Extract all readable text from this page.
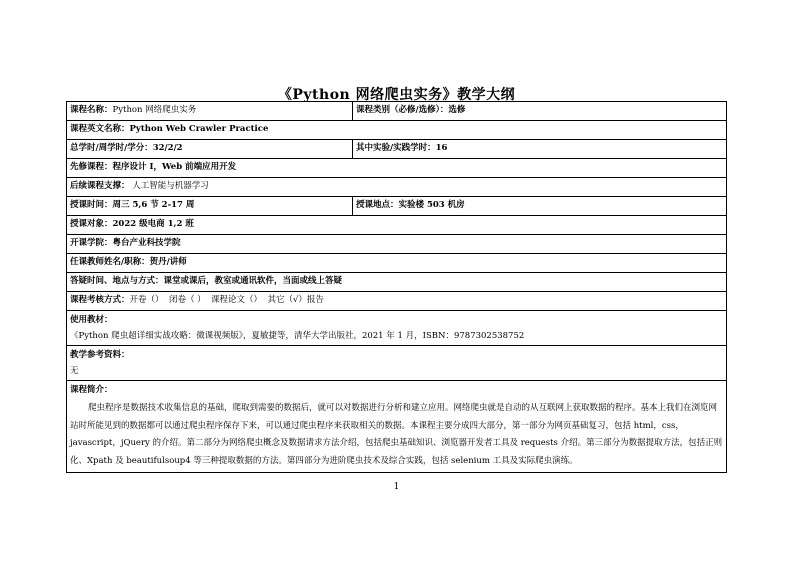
《Python 网络爬虫实务》教学大纲
课程名称：Python 网络爬虫实务	课程类别（必修/选修）：选修
课程英文名称：Python Web Crawler Practice	
总学时/周学时/学分：32/2/2	其中实验/实践学时：16
先修课程：程序设计 I，Web 前端应用开发	
后续课程支撑： 人工智能与机器学习	
授课时间：周三 5,6 节 2-17 周	授课地点：实验楼 503 机房
授课对象：2022 级电商 1,2 班	
开课学院：粤台产业科技学院	
任课教师姓名/职称：贺丹/讲师	
答疑时间、地点与方式：课堂或课后，教室或通讯软件，当面或线上答疑	
课程考核方式：开卷（） 闭卷（ ） 课程论文（） 其它（√）报告	

使用教材：
《Python 爬虫超详细实战攻略：微课视频版》，夏敏捷等，清华大学出版社，2021 年 1 月，ISBN：9787302538752	

教学参考资料：
无	

课程简介：
爬虫程序是数据技术收集信息的基础，爬取到需要的数据后，就可以对数据进行分析和建立应用。网络爬虫就是自动的从互联网上获取数据的程序。基本上我们在浏览网站时所能见到的数据都可以通过爬虫程序保存下来，可以通过爬虫程序来获取相关的数据。本课程主要分成四大部分，第一部分为网页基础复习，包括 html，css，javascript，jQuery 的介绍。第二部分为网络爬虫概念及数据请求方法介绍，包括爬虫基础知识、浏览器开发者工具及 requests 介绍。第三部分为数据提取方法，包括正则化、Xpath 及 beautifulsoup4 等三种提取数据的方法。第四部分为进阶爬虫技术及综合实践，包括 selenium 工具及实际爬虫演练。	
1
